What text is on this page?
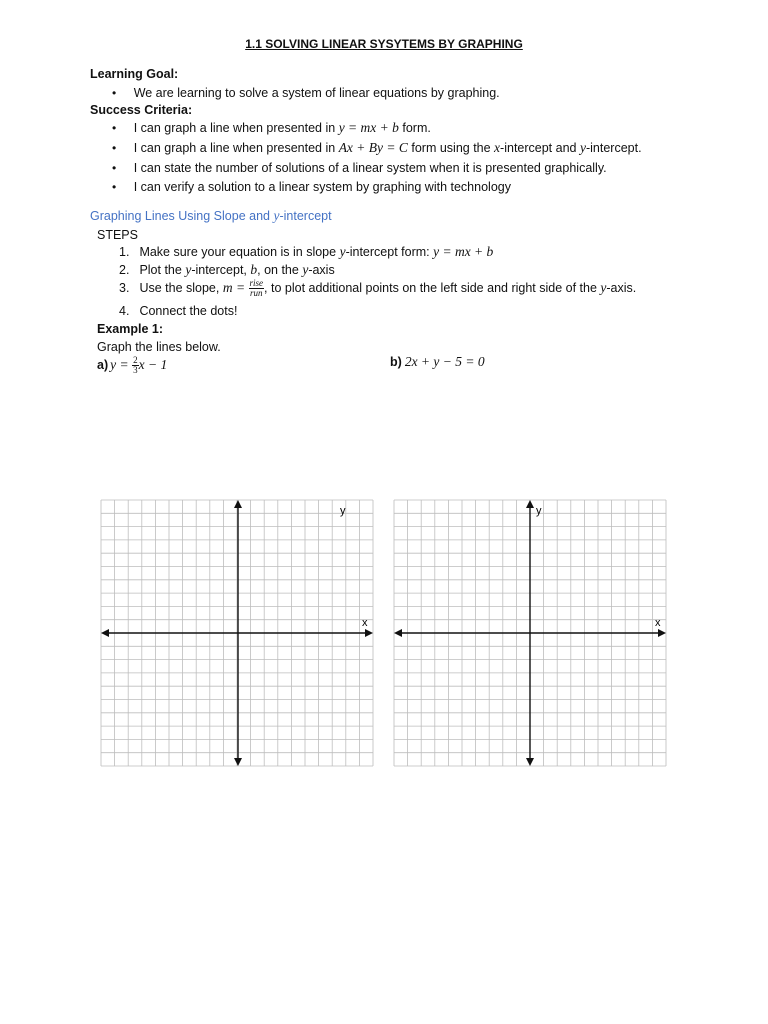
1.1 SOLVING LINEAR SYSYTEMS BY GRAPHING
Learning Goal:
• We are learning to solve a system of linear equations by graphing.
Success Criteria:
• I can graph a line when presented in y = mx + b form.
• I can graph a line when presented in Ax + By = C form using the x-intercept and y-intercept.
• I can state the number of solutions of a linear system when it is presented graphically.
• I can verify a solution to a linear system by graphing with technology
Graphing Lines Using Slope and y-intercept
STEPS
1. Make sure your equation is in slope y-intercept form: y = mx + b
2. Plot the y-intercept, b, on the y-axis
3. Use the slope, $m = \frac{\text{rise}}{\text{run}}$ , to plot additional points on the left side and right side of the y-axis.
4. Connect the dots!
Example 1:
Graph the lines below.
a) $y = \frac{2}{3}$ x − 1	b) 2x + y − 5 = 0
y
x
y
x
